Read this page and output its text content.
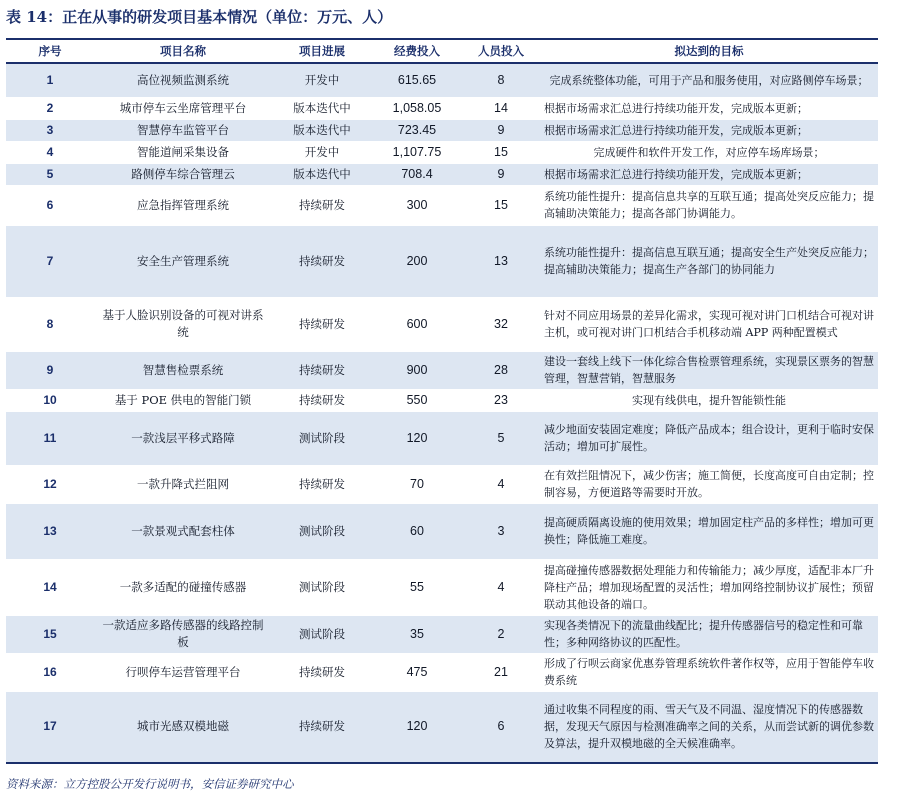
表 14：正在从事的研发项目基本情况（单位：万元、人）
序号	项目名称	项目进展	经费投入	人员投入	拟达到的目标
1	高位视频监测系统	开发中	615.65	8	完成系统整体功能，可用于产品和服务使用，对应路侧停车场景；
2	城市停车云坐席管理平台	版本迭代中	1,058.05	14	根据市场需求汇总进行持续功能开发，完成版本更新；
3	智慧停车监管平台	版本迭代中	723.45	9	根据市场需求汇总进行持续功能开发，完成版本更新；
4	智能道闸采集设备	开发中	1,107.75	15	完成硬件和软件开发工作，对应停车场库场景；
5	路侧停车综合管理云	版本迭代中	708.4	9	根据市场需求汇总进行持续功能开发，完成版本更新；
6	应急指挥管理系统	持续研发	300	15	系统功能性提升：提高信息共享的互联互通；提高处突反应能力；提高辅助决策能力；提高各部门协调能力。
7	安全生产管理系统	持续研发	200	13	系统功能性提升：提高信息互联互通；提高安全生产处突反应能力；提高辅助决策能力；提高生产各部门的协同能力
8	基于人脸识别设备的可视对讲系统	持续研发	600	32	针对不同应用场景的差异化需求，实现可视对讲门口机结合可视对讲主机，或可视对讲门口机结合手机移动端 APP 两种配置模式
9	智慧售检票系统	持续研发	900	28	建设一套线上线下一体化综合售检票管理系统，实现景区票务的智慧管理，智慧营销，智慧服务
10	基于 POE 供电的智能门锁	持续研发	550	23	实现有线供电，提升智能锁性能
11	一款浅层平移式路障	测试阶段	120	5	减少地面安装固定难度；降低产品成本；组合设计，更利于临时安保活动；增加可扩展性。
12	一款升降式拦阻网	持续研发	70	4	在有效拦阻情况下，减少伤害；施工简便，长度高度可自由定制；控制容易，方便道路等需要时开放。
13	一款景观式配套柱体	测试阶段	60	3	提高硬质隔离设施的使用效果；增加固定柱产品的多样性；增加可更换性；降低施工难度。
14	一款多适配的碰撞传感器	测试阶段	55	4	提高碰撞传感器数据处理能力和传输能力；减少厚度，适配非本厂升降柱产品；增加现场配置的灵活性；增加网络控制协议扩展性；预留联动其他设备的端口。
15	一款适应多路传感器的线路控制板	测试阶段	35	2	实现各类情况下的流量曲线配比；提升传感器信号的稳定性和可靠性；多种网络协议的匹配性。
16	行呗停车运营管理平台	持续研发	475	21	形成了行呗云商家优惠券管理系统软件著作权等，应用于智能停车收费系统
17	城市光感双模地磁	持续研发	120	6	通过收集不同程度的雨、雪天气及不同温、湿度情况下的传感器数据，发现天气原因与检测准确率之间的关系，从而尝试新的调优参数及算法，提升双模地磁的全天候准确率。
资料来源：立方控股公开发行说明书，安信证券研究中心
